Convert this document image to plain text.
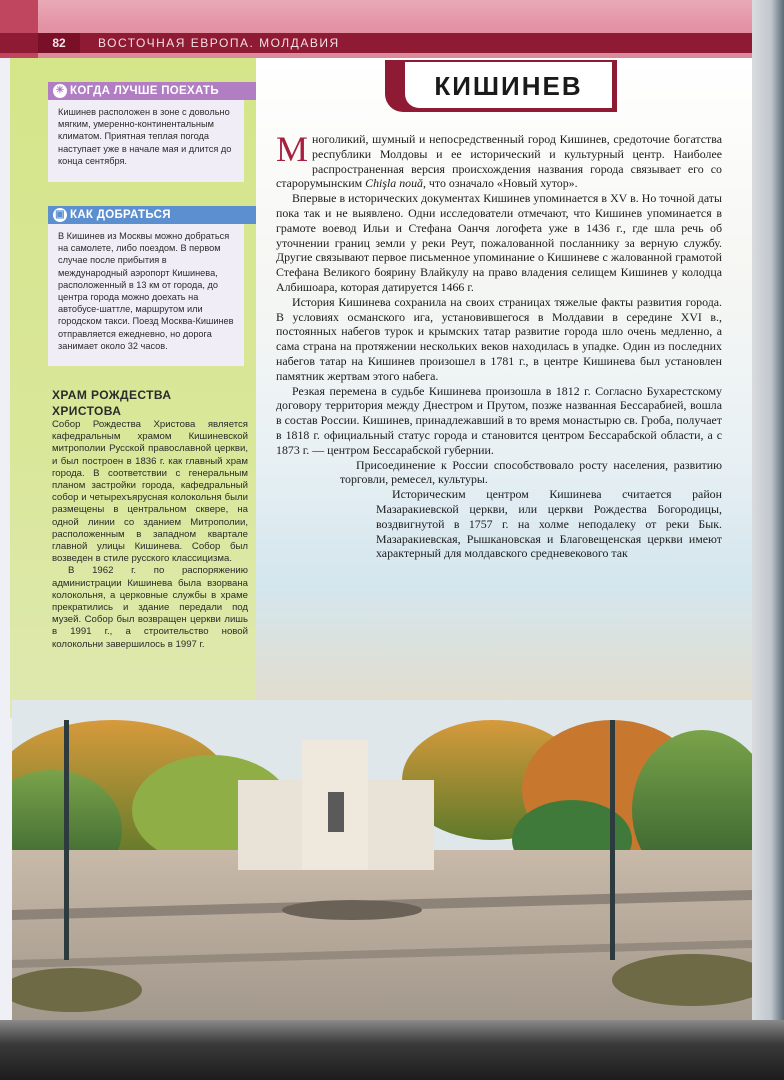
82	ВОСТОЧНАЯ ЕВРОПА. МОЛДАВИЯ
☀ КОГДА ЛУЧШЕ ПОЕХАТЬ
Кишинев расположен в зоне с довольно мягким, умеренно-континентальным климатом. Приятная теплая погода наступает уже в начале мая и длится до конца сентября.
▣ КАК ДОБРАТЬСЯ
В Кишинев из Москвы можно добраться на самолете, либо поездом. В первом случае после прибытия в международный аэропорт Кишинева, расположенный в 13 км от города, до центра города можно доехать на автобусе-шаттле, маршрутом или городском такси. Поезд Москва-Кишинев отправляется ежедневно, но дорога занимает около 32 часов.
ХРАМ РОЖДЕСТВА ХРИСТОВА

Собор Рождества Христова является кафедральным храмом Кишиневской митрополии Русской православной церкви, и был построен в 1836 г. как главный храм города. В соответствии с генеральным планом застройки города, кафедральный собор и четырехъярусная колокольня были размещены в центральном сквере, на одной линии со зданием Митрополии, расположенным в западном квартале главной улицы Кишинева. Собор был возведен в стиле русского классицизма.

В 1962 г. по распоряжению администрации Кишинева была взорвана колокольня, а церковные службы в храме прекратились и здание передали под музей. Собор был возвращен церкви лишь в 1991 г., а строительство новой колокольни завершилось в 1997 г.

КИШИНЕВ

Многоликий, шумный и непосредственный город Кишинев, средоточие богатства республики Молдовы и ее исторический и культурный центр. Наиболее распространенная версия происхождения названия города связывает его со старорумынским Chişla nouă, что означало «Новый хутор».

Впервые в исторических документах Кишинев упоминается в XV в. Но точной даты пока так и не выявлено. Одни исследователи отмечают, что Кишинев упоминается в грамоте воевод Ильи и Стефана Оанчя логофета уже в 1436 г., где шла речь об уточнении границ земли у реки Реут, пожалованной посланнику за верную службу. Другие связывают первое письменное упоминание о Кишиневе с жалованной грамотой Стефана Великого боярину Влайкулу на право владения селищем Кишинев у колодца Албишоара, которая датируется 1466 г.

История Кишинева сохранила на своих страницах тяжелые факты развития города. В условиях османского ига, установившегося в Молдавии в середине XVI в., постоянных набегов турок и крымских татар развитие города шло очень медленно, а сама страна на протяжении нескольких веков находилась в упадке. Один из последних набегов татар на Кишинев произошел в 1781 г., в центре Кишинева был установлен памятник жертвам этого набега.

Резкая перемена в судьбе Кишинева произошла в 1812 г. Согласно Бухарестскому договору территория между Днестром и Прутом, позже названная Бессарабией, вошла в состав России. Кишинев, принадлежавший в то время монастырю св. Гроба, получает в 1818 г. официальный статус города и становится центром Бессарабской области, а с 1873 г. — центром Бессарабской губернии.

Присоединение к России способствовало росту населения, развитию торговли, ремесел, культуры.

Историческим центром Кишинева считается район Мазаракиевской церкви, или церкви Рождества Богородицы, воздвигнутой в 1757 г. на холме неподалеку от реки Бык. Мазаракиевская, Рышкановская и Благовещенская церкви имеют характерный для молдавского средневекового так
